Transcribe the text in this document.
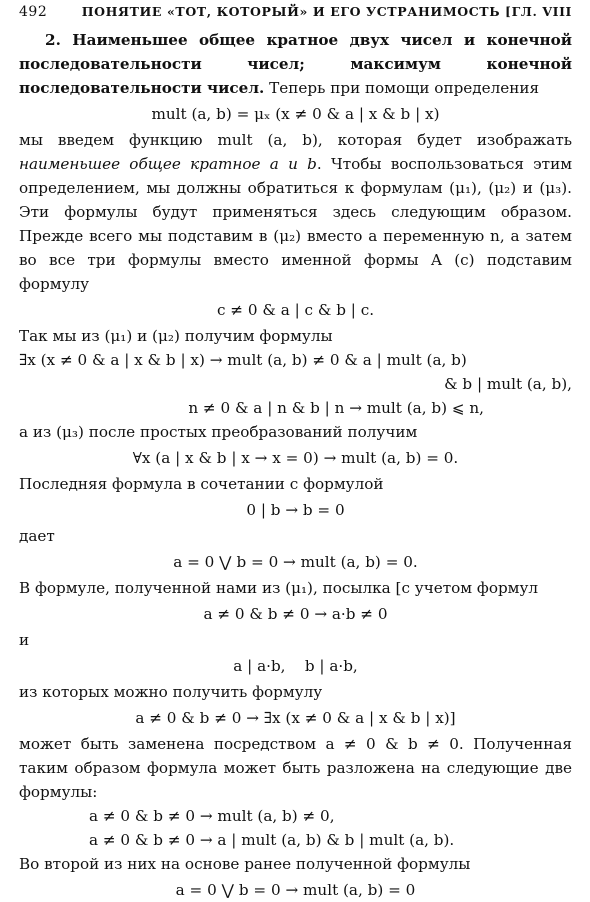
492	ПОНЯТИЕ «ТОТ, КОТОРЫЙ» И ЕГО УСТРАНИМОСТЬ [ГЛ. VIII

2. Наименьшее общее кратное двух чисел и конечной последовательности чисел; максимум конечной последовательности чисел. Теперь при помощи определения

mult (a, b) = μₓ (x ≠ 0 & a | x & b | x)

мы введем функцию mult (a, b), которая будет изображать наименьшее общее кратное a и b. Чтобы воспользоваться этим определением, мы должны обратиться к формулам (μ₁), (μ₂) и (μ₃). Эти формулы будут применяться здесь следующим образом. Прежде всего мы подставим в (μ₂) вместо a переменную n, а затем во все три формулы вместо именной формы A (c) подставим формулу

c ≠ 0 & a | c & b | c.

Так мы из (μ₁) и (μ₂) получим формулы

∃x (x ≠ 0 & a | x & b | x) → mult (a, b) ≠ 0 & a | mult (a, b)
& b | mult (a, b),
n ≠ 0 & a | n & b | n → mult (a, b) ⩽ n,

а из (μ₃) после простых преобразований получим

∀x (a | x & b | x → x = 0) → mult (a, b) = 0.

Последняя формула в сочетании с формулой

0 | b → b = 0

дает

a = 0 ⋁ b = 0 → mult (a, b) = 0.

В формуле, полученной нами из (μ₁), посылка [с учетом формул

a ≠ 0 & b ≠ 0 → a·b ≠ 0

и

a | a·b,    b | a·b,

из которых можно получить формулу

a ≠ 0 & b ≠ 0 → ∃x (x ≠ 0 & a | x & b | x)]

может быть заменена посредством a ≠ 0 & b ≠ 0. Полученная таким образом формула может быть разложена на следующие две формулы:

a ≠ 0 & b ≠ 0 → mult (a, b) ≠ 0,
a ≠ 0 & b ≠ 0 → a | mult (a, b) & b | mult (a, b).

Во второй из них на основе ранее полученной формулы

a = 0 ⋁ b = 0 → mult (a, b) = 0
